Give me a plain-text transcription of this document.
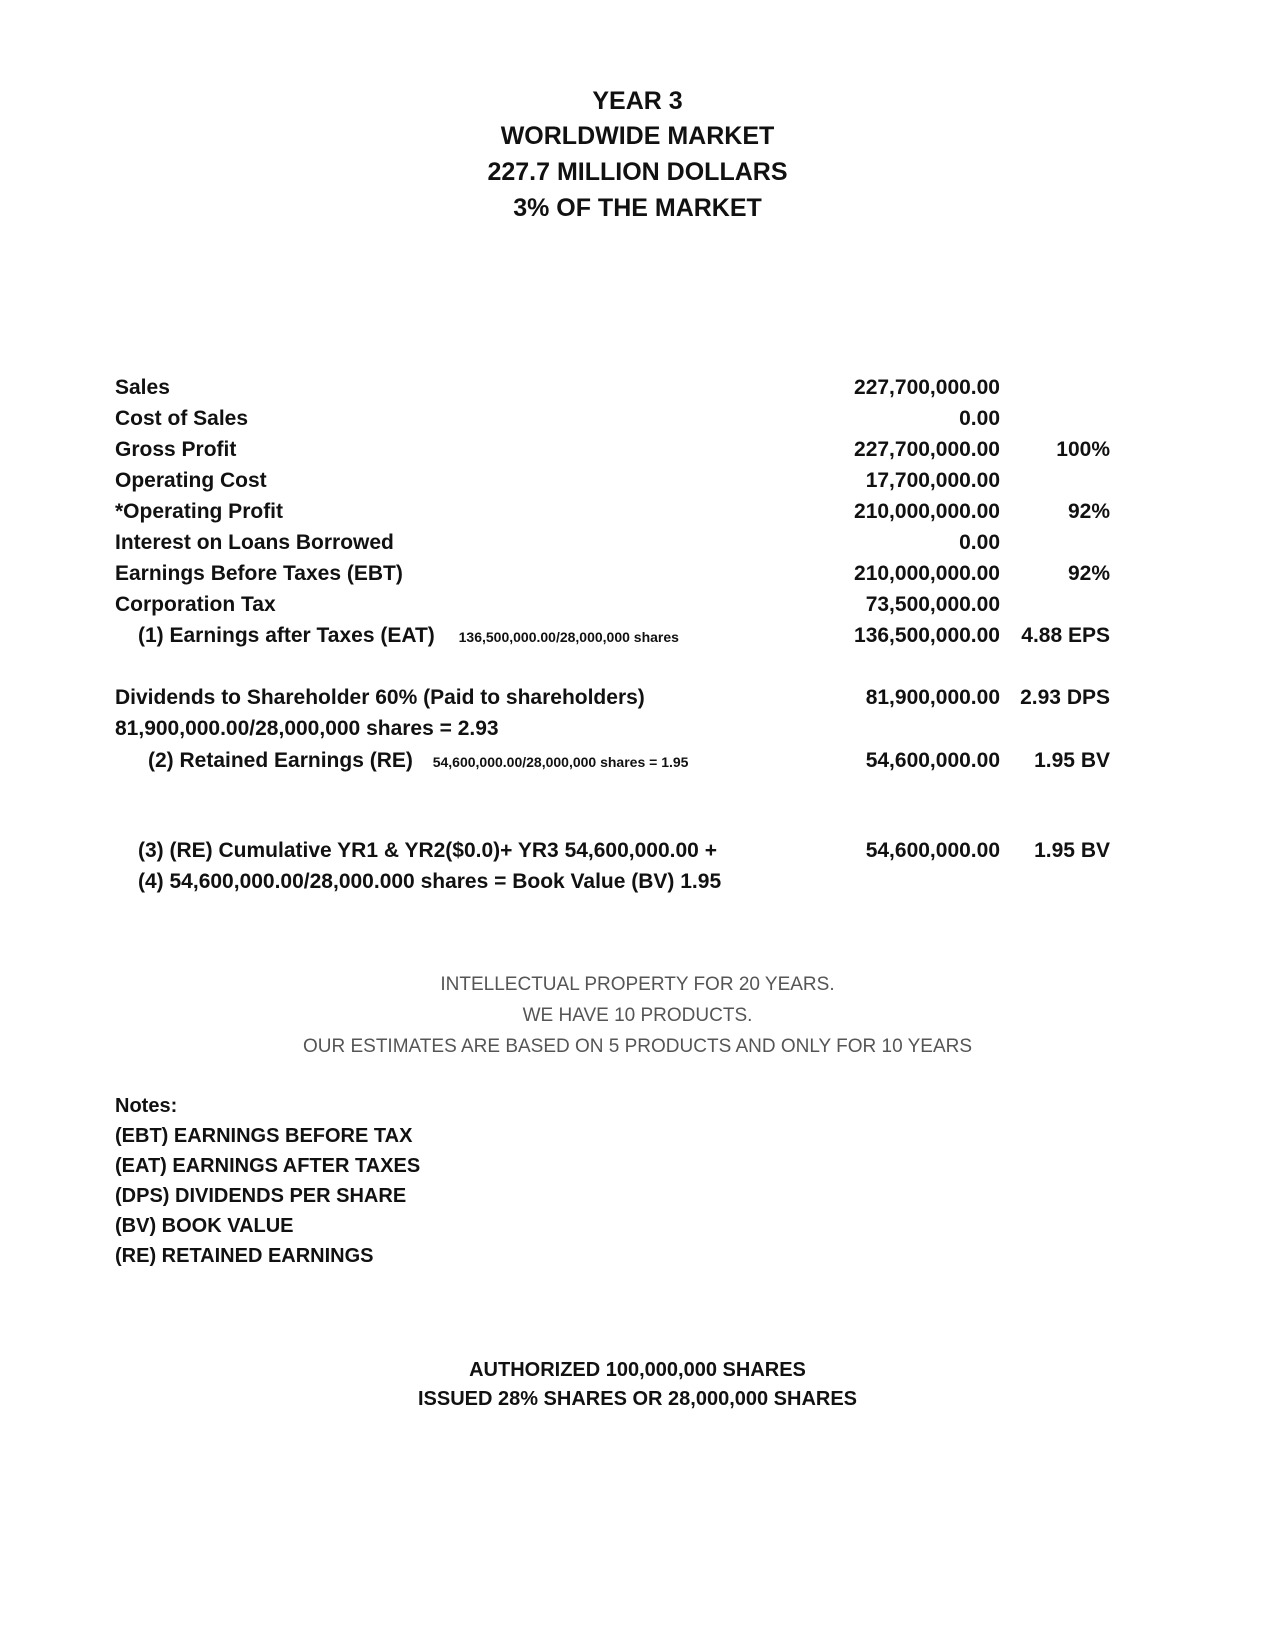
YEAR 3
WORLDWIDE MARKET
227.7 MILLION DOLLARS
3% OF THE MARKET
Sales	227,700,000.00
Cost of Sales	0.00
Gross Profit	227,700,000.00	100%
Operating Cost	17,700,000.00
*Operating Profit	210,000,000.00	92%
Interest on Loans Borrowed	0.00
Earnings Before Taxes (EBT)	210,000,000.00	92%
Corporation Tax	73,500,000.00
(1) Earnings after Taxes (EAT) 136,500,000.00/28,000,000 shares	136,500,000.00 4.88 EPS
Dividends to Shareholder 60% (Paid to shareholders)	81,900,000.00 2.93 DPS
81,900,000.00/28,000,000 shares = 2.93
(2) Retained Earnings (RE) 54,600,000.00/28,000,000 shares = 1.95	54,600,000.00 1.95 BV
(3) (RE) Cumulative YR1 & YR2($0.0)+ YR3 54,600,000.00 +	54,600,000.00 1.95 BV
(4) 54,600,000.00/28,000.000 shares = Book Value (BV) 1.95
INTELLECTUAL PROPERTY FOR 20 YEARS.
WE HAVE 10 PRODUCTS.
OUR ESTIMATES ARE BASED ON 5 PRODUCTS AND ONLY FOR 10 YEARS
Notes:
(EBT) EARNINGS BEFORE TAX
(EAT) EARNINGS AFTER TAXES
(DPS) DIVIDENDS PER SHARE
(BV) BOOK VALUE
(RE) RETAINED EARNINGS
AUTHORIZED 100,000,000 SHARES
ISSUED 28% SHARES OR 28,000,000 SHARES
